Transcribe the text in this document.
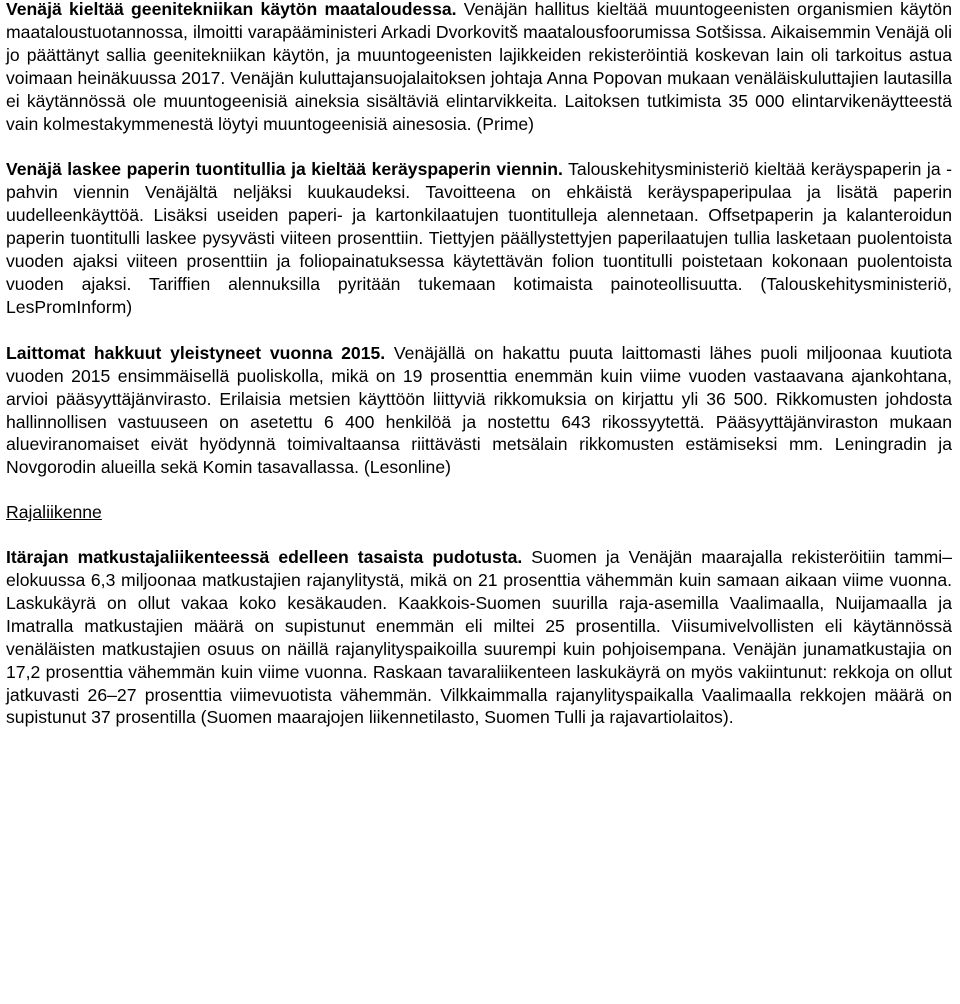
Venäjä kieltää geenitekniikan käytön maataloudessa. Venäjän hallitus kieltää muuntogeenisten organismien käytön maataloustuotannossa, ilmoitti varapääministeri Arkadi Dvorkovitš maatalousfoorumissa Sotšissa. Aikaisemmin Venäjä oli jo päättänyt sallia geenitekniikan käytön, ja muuntogeenisten lajikkeiden rekisteröintiä koskevan lain oli tarkoitus astua voimaan heinäkuussa 2017. Venäjän kuluttajansuojalaitoksen johtaja Anna Popovan mukaan venäläiskuluttajien lautasilla ei käytännössä ole muuntogeenisiä aineksia sisältäviä elintarvikkeita. Laitoksen tutkimista 35 000 elintarvikenäytteestä vain kolmestakymmenestä löytyi muuntogeenisiä ainesosia. (Prime)

Venäjä laskee paperin tuontitullia ja kieltää keräyspaperin viennin. Talouskehitysministeriö kieltää keräyspaperin ja -pahvin viennin Venäjältä neljäksi kuukaudeksi. Tavoitteena on ehkäistä keräyspaperipulaa ja lisätä paperin uudelleenkäyttöä. Lisäksi useiden paperi- ja kartonkilaatujen tuontitulleja alennetaan. Offsetpaperin ja kalanteroidun paperin tuontitulli laskee pysyvästi viiteen prosenttiin. Tiettyjen päällystettyjen paperilaatujen tullia lasketaan puolentoista vuoden ajaksi viiteen prosenttiin ja foliopainatuksessa käytettävän folion tuontitulli poistetaan kokonaan puolentoista vuoden ajaksi. Tariffien alennuksilla pyritään tukemaan kotimaista painoteollisuutta. (Talouskehitysministeriö, LesPromInform)

Laittomat hakkuut yleistyneet vuonna 2015. Venäjällä on hakattu puuta laittomasti lähes puoli miljoonaa kuutiota vuoden 2015 ensimmäisellä puoliskolla, mikä on 19 prosenttia enemmän kuin viime vuoden vastaavana ajankohtana, arvioi pääsyyttäjänvirasto. Erilaisia metsien käyttöön liittyviä rikkomuksia on kirjattu yli 36 500. Rikkomusten johdosta hallinnollisen vastuuseen on asetettu 6 400 henkilöä ja nostettu 643 rikossyytettä. Pääsyyttäjänviraston mukaan alueviranomaiset eivät hyödynnä toimivaltaansa riittävästi metsälain rikkomusten estämiseksi mm. Leningradin ja Novgorodin alueilla sekä Komin tasavallassa. (Lesonline)

Rajaliikenne

Itärajan matkustajaliikenteessä edelleen tasaista pudotusta. Suomen ja Venäjän maarajalla rekisteröitiin tammi–elokuussa 6,3 miljoonaa matkustajien rajanylitystä, mikä on 21 prosenttia vähemmän kuin samaan aikaan viime vuonna. Laskukäyrä on ollut vakaa koko kesäkauden. Kaakkois-Suomen suurilla raja-asemilla Vaalimaalla, Nuijamaalla ja Imatralla matkustajien määrä on supistunut enemmän eli miltei 25 prosentilla. Viisumivelvollisten eli käytännössä venäläisten matkustajien osuus on näillä rajanylityspaikoilla suurempi kuin pohjoisempana. Venäjän junamatkustajia on 17,2 prosenttia vähemmän kuin viime vuonna. Raskaan tavaraliikenteen laskukäyrä on myös vakiintunut: rekkoja on ollut jatkuvasti 26–27 prosenttia viimevuotista vähemmän. Vilkkaimmalla rajanylityspaikalla Vaalimaalla rekkojen määrä on supistunut 37 prosentilla (Suomen maarajojen liikennetilasto, Suomen Tulli ja rajavartiolaitos).
